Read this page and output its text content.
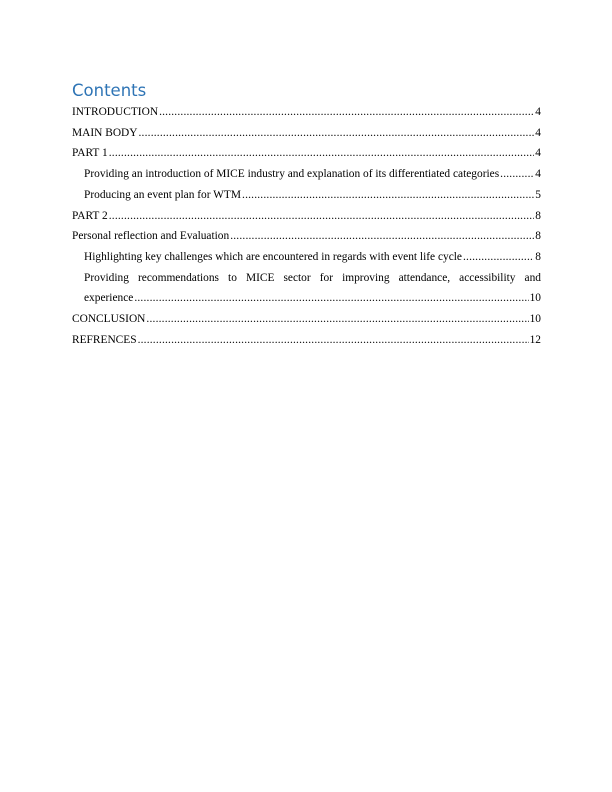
Contents
INTRODUCTION .....	4
MAIN BODY .....	4
PART 1 .....	4
Providing an introduction of MICE industry and explanation of its differentiated categories .....	4
Producing an event plan for WTM .....	5
PART 2 .....	8
Personal reflection and Evaluation .....	8
Highlighting key challenges which are encountered in regards with event life cycle .....	8
Providing recommendations to MICE sector for improving attendance, accessibility and
experience .....	10
CONCLUSION .....	10
REFRENCES .....	12
